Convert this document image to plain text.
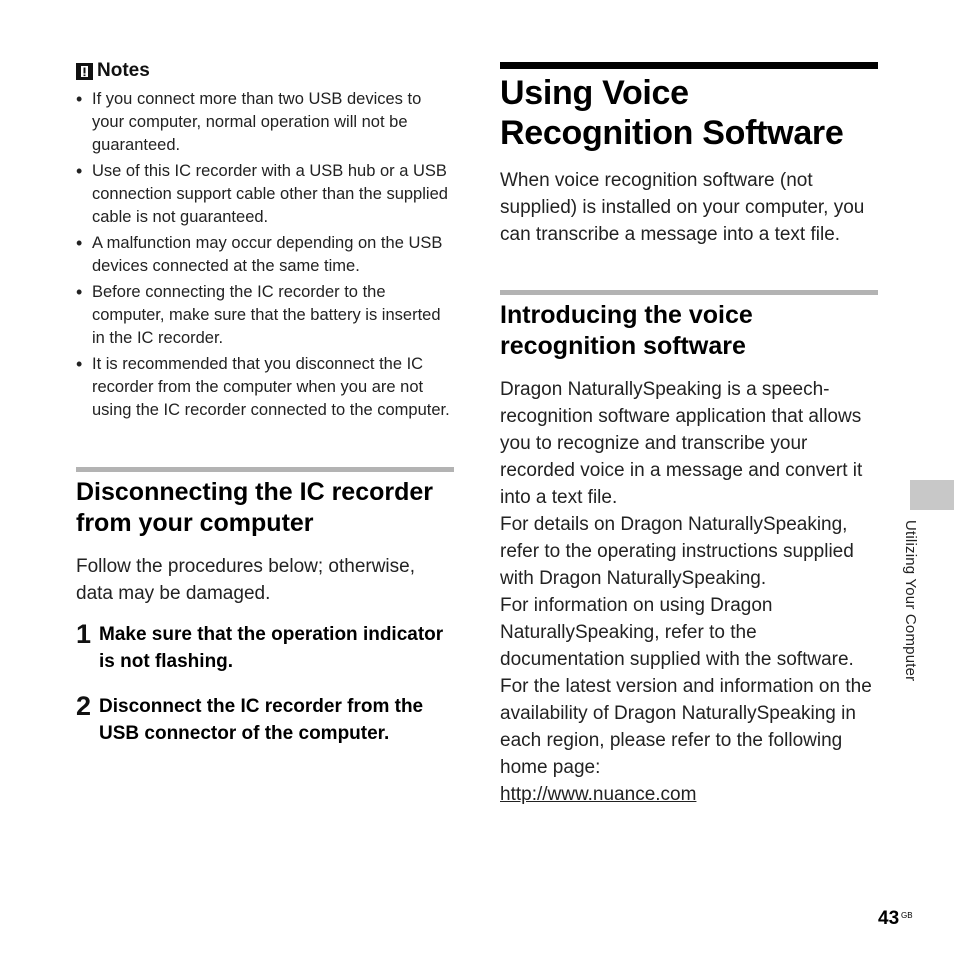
Notes
• If you connect more than two USB devices to your computer, normal operation will not be guaranteed.
• Use of this IC recorder with a USB hub or a USB connection support cable other than the supplied cable is not guaranteed.
• A malfunction may occur depending on the USB devices connected at the same time.
• Before connecting the IC recorder to the computer, make sure that the battery is inserted in the IC recorder.
• It is recommended that you disconnect the IC recorder from the computer when you are not using the IC recorder connected to the computer.
Disconnecting the IC recorder from your computer

Follow the procedures below; otherwise, data may be damaged.

1 Make sure that the operation indicator is not flashing.
2 Disconnect the IC recorder from the USB connector of the computer.
Using Voice Recognition Software

When voice recognition software (not supplied) is installed on your computer, you can transcribe a message into a text file.

Introducing the voice recognition software

Dragon NaturallySpeaking is a speech-recognition software application that allows you to recognize and transcribe your recorded voice in a message and convert it into a text file.

For details on Dragon NaturallySpeaking, refer to the operating instructions supplied with Dragon NaturallySpeaking.

For information on using Dragon NaturallySpeaking, refer to the documentation supplied with the software. For the latest version and information on the availability of Dragon NaturallySpeaking in each region, please refer to the following home page:

http://www.nuance.com

Utilizing Your Computer
43 GB
